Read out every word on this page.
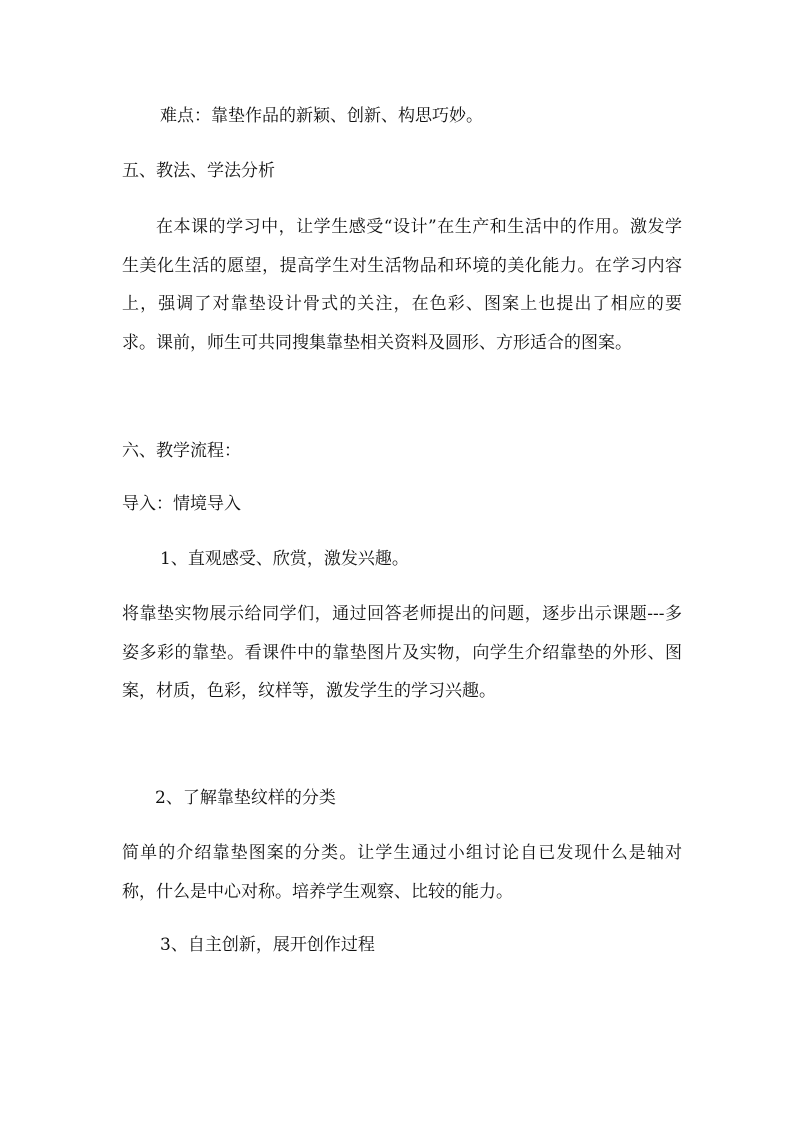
难点：靠垫作品的新颖、创新、构思巧妙。
五、教法、学法分析
在本课的学习中，让学生感受“设计”在生产和生活中的作用。激发学生美化生活的愿望，提高学生对生活物品和环境的美化能力。在学习内容上，强调了对靠垫设计骨式的关注，在色彩、图案上也提出了相应的要求。课前，师生可共同搜集靠垫相关资料及圆形、方形适合的图案。
六、教学流程：
导入：情境导入
1、直观感受、欣赏，激发兴趣。
将靠垫实物展示给同学们，通过回答老师提出的问题，逐步出示课题---多姿多彩的靠垫。看课件中的靠垫图片及实物，向学生介绍靠垫的外形、图案，材质，色彩，纹样等，激发学生的学习兴趣。
2、了解靠垫纹样的分类
简单的介绍靠垫图案的分类。让学生通过小组讨论自已发现什么是轴对称，什么是中心对称。培养学生观察、比较的能力。
3、自主创新，展开创作过程
